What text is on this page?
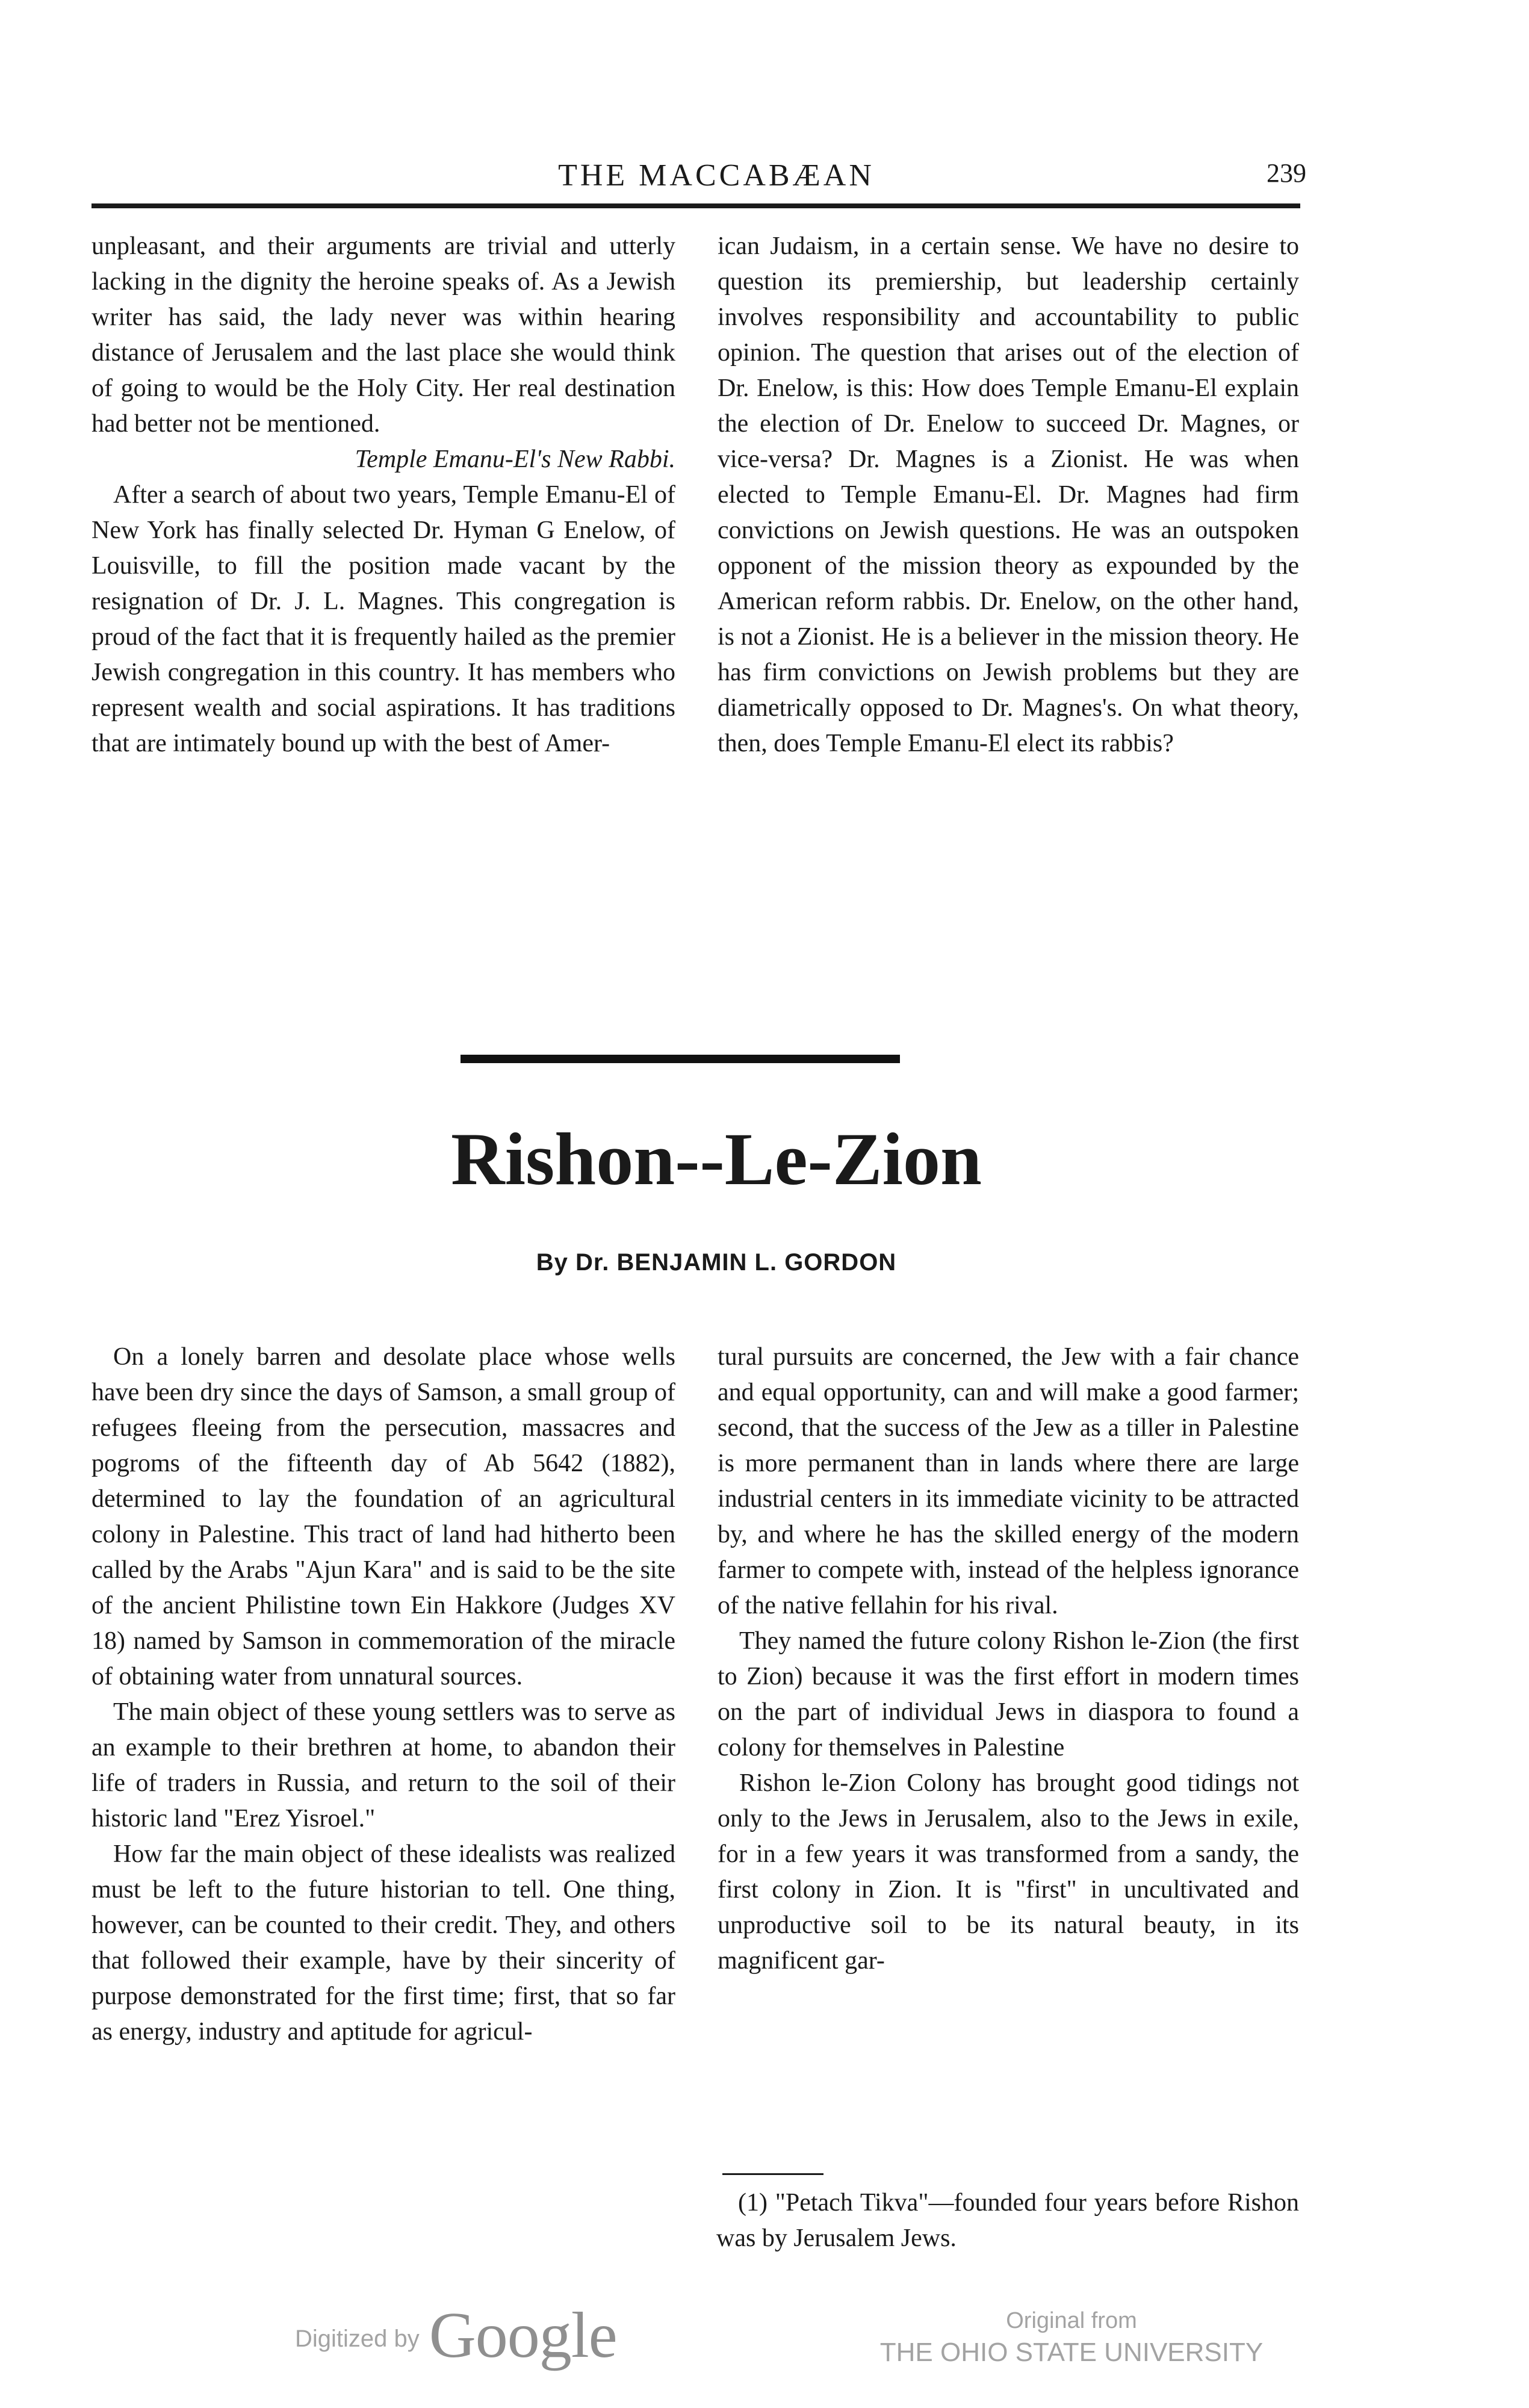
THE MACCABÆAN	239

unpleasant, and their arguments are trivial and utterly lacking in the dignity the heroine speaks of. As a Jewish writer has said, the lady never was within hearing distance of Jerusalem and the last place she would think of going to would be the Holy City. Her real destination had better not be mentioned.

Temple Emanu-El's New Rabbi.

After a search of about two years, Temple Emanu-El of New York has finally selected Dr. Hyman G Enelow, of Louisville, to fill the position made vacant by the resignation of Dr. J. L. Magnes. This congregation is proud of the fact that it is frequently hailed as the premier Jewish congregation in this country. It has members who represent wealth and social aspirations. It has traditions that are intimately bound up with the best of Amer-

ican Judaism, in a certain sense. We have no desire to question its premiership, but leadership certainly involves responsibility and accountability to public opinion. The question that arises out of the election of Dr. Enelow, is this: How does Temple Emanu-El explain the election of Dr. Enelow to succeed Dr. Magnes, or vice-versa? Dr. Magnes is a Zionist. He was when elected to Temple Emanu-El. Dr. Magnes had firm convictions on Jewish questions. He was an outspoken opponent of the mission theory as expounded by the American reform rabbis. Dr. Enelow, on the other hand, is not a Zionist. He is a believer in the mission theory. He has firm convictions on Jewish problems but they are diametrically opposed to Dr. Magnes's. On what theory, then, does Temple Emanu-El elect its rabbis?

Rishon--Le-Zion
By Dr. BENJAMIN L. GORDON

On a lonely barren and desolate place whose wells have been dry since the days of Samson, a small group of refugees fleeing from the persecution, massacres and pogroms of the fifteenth day of Ab 5642 (1882), determined to lay the foundation of an agricultural colony in Palestine. This tract of land had hitherto been called by the Arabs "Ajun Kara" and is said to be the site of the ancient Philistine town Ein Hakkore (Judges XV 18) named by Samson in commemoration of the miracle of obtaining water from unnatural sources.

The main object of these young settlers was to serve as an example to their brethren at home, to abandon their life of traders in Russia, and return to the soil of their historic land "Erez Yisroel."

How far the main object of these idealists was realized must be left to the future historian to tell. One thing, however, can be counted to their credit. They, and others that followed their example, have by their sincerity of purpose demonstrated for the first time; first, that so far as energy, industry and aptitude for agricul-

tural pursuits are concerned, the Jew with a fair chance and equal opportunity, can and will make a good farmer; second, that the success of the Jew as a tiller in Palestine is more permanent than in lands where there are large industrial centers in its immediate vicinity to be attracted by, and where he has the skilled energy of the modern farmer to compete with, instead of the helpless ignorance of the native fellahin for his rival.

They named the future colony Rishon le-Zion (the first to Zion) because it was the first effort in modern times on the part of individual Jews in diaspora to found a colony for themselves in Palestine

Rishon le-Zion Colony has brought good tidings not only to the Jews in Jerusalem, also to the Jews in exile, for in a few years it was transformed from a sandy, the first colony in Zion. It is "first" in uncultivated and unproductive soil to be its natural beauty, in its magnificent gar-

(1) "Petach Tikva"—founded four years before Rishon was by Jerusalem Jews.

Digitized by Google	Original from
THE OHIO STATE UNIVERSITY
